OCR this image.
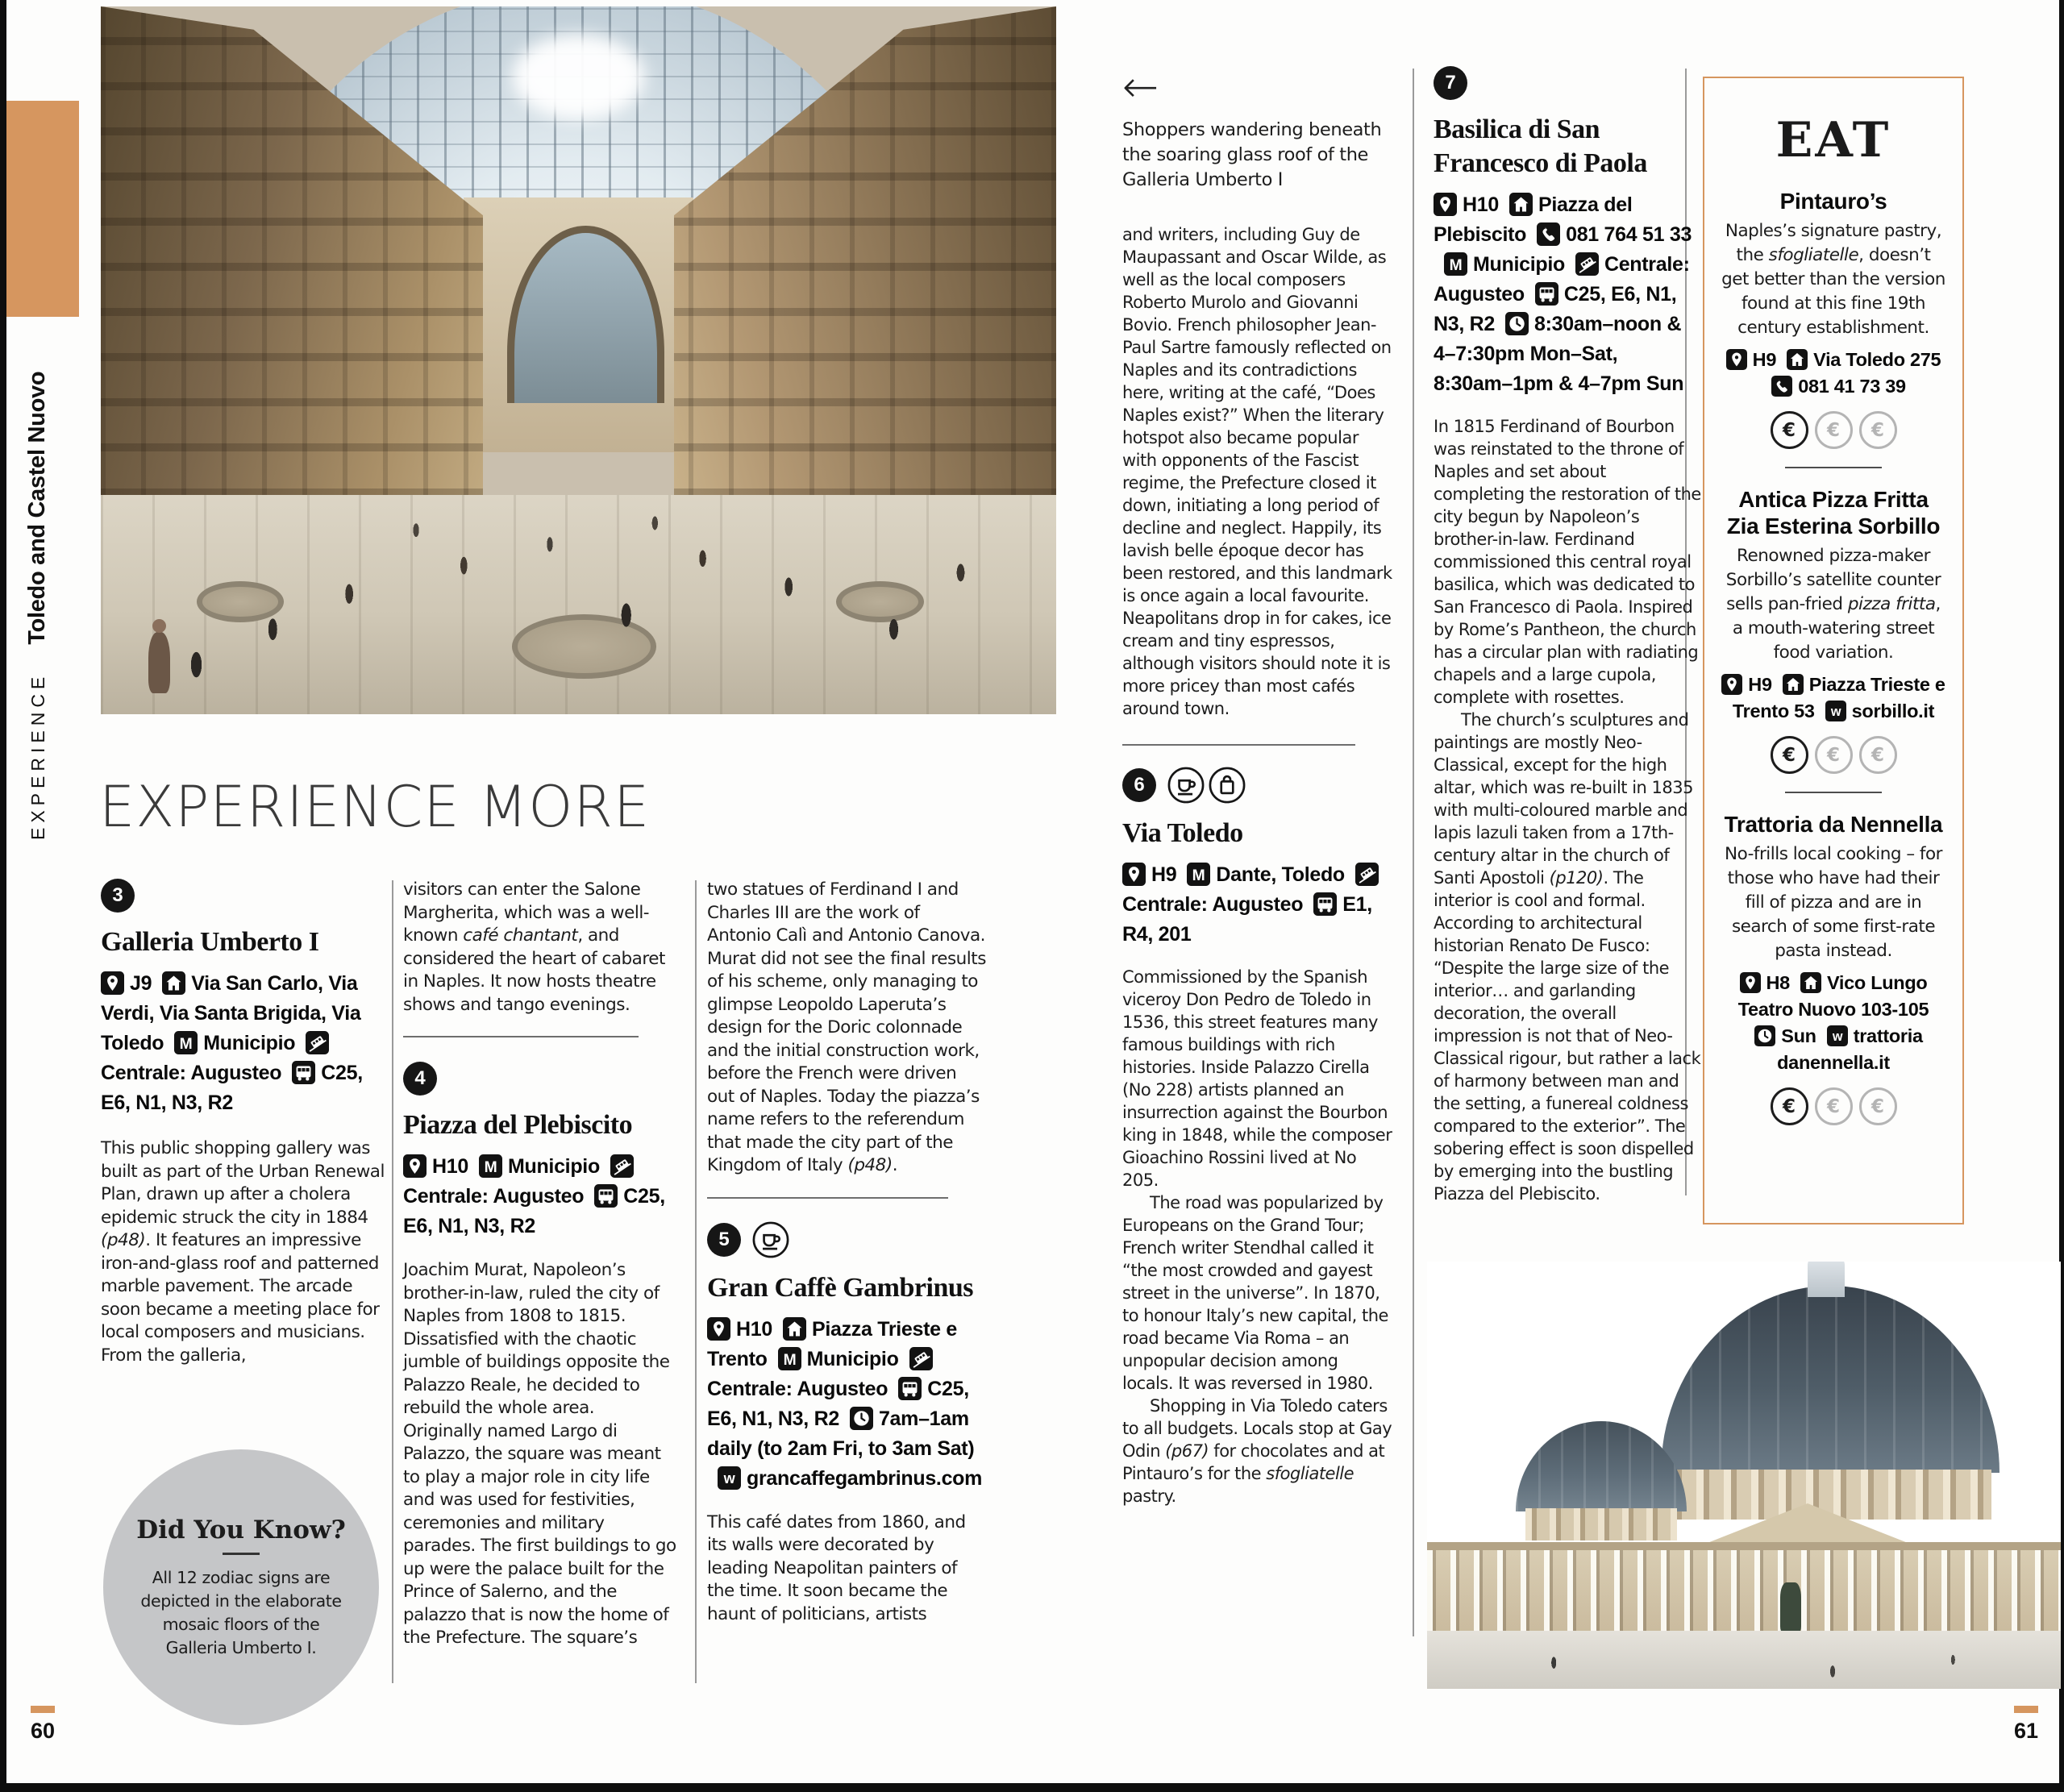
EXPERIENCEToledo and Castel Nuovo
EXPERIENCE MORE
3
Galleria Umberto I
J9 Via San Carlo, Via Verdi, Via Santa Brigida, Via Toledo M MunicipioCentrale: Augusteo C25, E6, N1, N3, R2

This public shopping gallery was built as part of the Urban Renewal Plan, drawn up after a cholera epidemic struck the city in 1884 (p48). It features an impressive iron-and-glass roof and patterned marble pavement. The arcade soon became a meeting place for local composers and musicians. From the galleria,

Did You Know?
All 12 zodiac signs are depicted in the elaborate mosaic floors of the Galleria Umberto I.

visitors can enter the Salone Margherita, which was a well-known café chantant, and considered the heart of cabaret in Naples. It now hosts theatre shows and tango evenings.

4
Piazza del Plebiscito
H10 M MunicipioCentrale: Augusteo C25, E6, N1, N3, R2

Joachim Murat, Napoleon’s brother-in-law, ruled the city of Naples from 1808 to 1815. Dissatisfied with the chaotic jumble of buildings opposite the Palazzo Reale, he decided to rebuild the whole area. Originally named Largo di Palazzo, the square was meant to play a major role in city life and was used for festivities, ceremonies and military parades. The first buildings to go up were the palace built for the Prince of Salerno, and the palazzo that is now the home of the Prefecture. The square’s

two statues of Ferdinand I and Charles III are the work of Antonio Calì and Antonio Canova. Murat did not see the final results of his scheme, only managing to glimpse Leopoldo Laperuta’s design for the Doric colonnade and the initial construction work, before the French were driven out of Naples. Today the piazza’s name refers to the referendum that made the city part of the Kingdom of Italy (p48).

5
Gran Caffè Gambrinus
H10 Piazza Trieste e Trento M MunicipioCentrale: Augusteo C25, E6, N1, N3, R2 7am–1am daily (to 2am Fri, to 3am Sat)
w grancaffegambrinus.com

This café dates from 1860, and its walls were decorated by leading Neapolitan painters of the time. It soon became the haunt of politicians, artists

←
Shoppers wandering beneath the soaring glass roof of the Galleria Umberto I

and writers, including Guy de Maupassant and Oscar Wilde, as well as the local composers Roberto Murolo and Giovanni Bovio. French philosopher Jean-Paul Sartre famously reflected on Naples and its contradictions here, writing at the café, “Does Naples exist?” When the literary hotspot also became popular with opponents of the Fascist regime, the Prefecture closed it down, initiating a long period of decline and neglect. Happily, its lavish belle époque decor has been restored, and this landmark is once again a local favourite. Neapolitans drop in for cakes, ice cream and tiny espressos, although visitors should note it is more pricey than most cafés around town.

6

Via Toledo
H9 M Dante, ToledoCentrale: Augusteo E1, R4, 201

Commissioned by the Spanish viceroy Don Pedro de Toledo in 1536, this street features many famous buildings with rich histories. Inside Palazzo Cirella (No 228) artists planned an insurrection against the Bourbon king in 1848, while the composer Gioachino Rossini lived at No 205.

The road was popularized by Europeans on the Grand Tour; French writer Stendhal called it “the most crowded and gayest street in the universe”. In 1870, to honour Italy’s new capital, the road became Via Roma – an unpopular decision among locals. It was reversed in 1980.

Shopping in Via Toledo caters to all budgets. Locals stop at Gay Odin (p67) for chocolates and at Pintauro’s for the sfogliatelle pastry.

7
Basilica di San Francesco di Paola
H10 Piazza del Plebiscito 081 764 51 33
M Municipio Centrale: Augusteo C25, E6, N1, N3, R2 8:30am–noon & 4–7:30pm Mon–Sat, 8:30am–1pm & 4–7pm Sun

In 1815 Ferdinand of Bourbon was reinstated to the throne of Naples and set about completing the restoration of the city begun by Napoleon’s brother-in-law. Ferdinand commissioned this central royal basilica, which was dedicated to San Francesco di Paola. Inspired by Rome’s Pantheon, the church has a circular plan with radiating chapels and a large cupola, complete with rosettes.

The church’s sculptures and paintings are mostly Neo-Classical, except for the high altar, which was re-built in 1835 with multi-coloured marble and lapis lazuli taken from a 17th-century altar in the church of Santi Apostoli (p120). The interior is cool and formal. According to architectural historian Renato De Fusco: “Despite the large size of the interior… and garlanding decoration, the overall impression is not that of Neo-Classical rigour, but rather a lack of harmony between man and the setting, a funereal coldness compared to the exterior”. The sobering effect is soon dispelled by emerging into the bustling Piazza del Plebiscito.

EAT
Pintauro’s
Naples’s signature pastry, the sfogliatelle, doesn’t get better than the version found at this fine 19th century establishment.
H9 Via Toledo 275081 41 73 39
€ € €
Antica Pizza Fritta Zia Esterina Sorbillo
Renowned pizza-maker Sorbillo’s satellite counter sells pan-fried pizza fritta, a mouth-watering street food variation.
H9 Piazza Trieste e Trento 53 w sorbillo.it
€ € €
Trattoria da Nennella
No-frills local cooking – for those who have had their fill of pizza and are in search of some first-rate pasta instead.
H8 Vico Lungo Teatro Nuovo 103-105Sun w trattoria danennella.it
€ € €
60	61
